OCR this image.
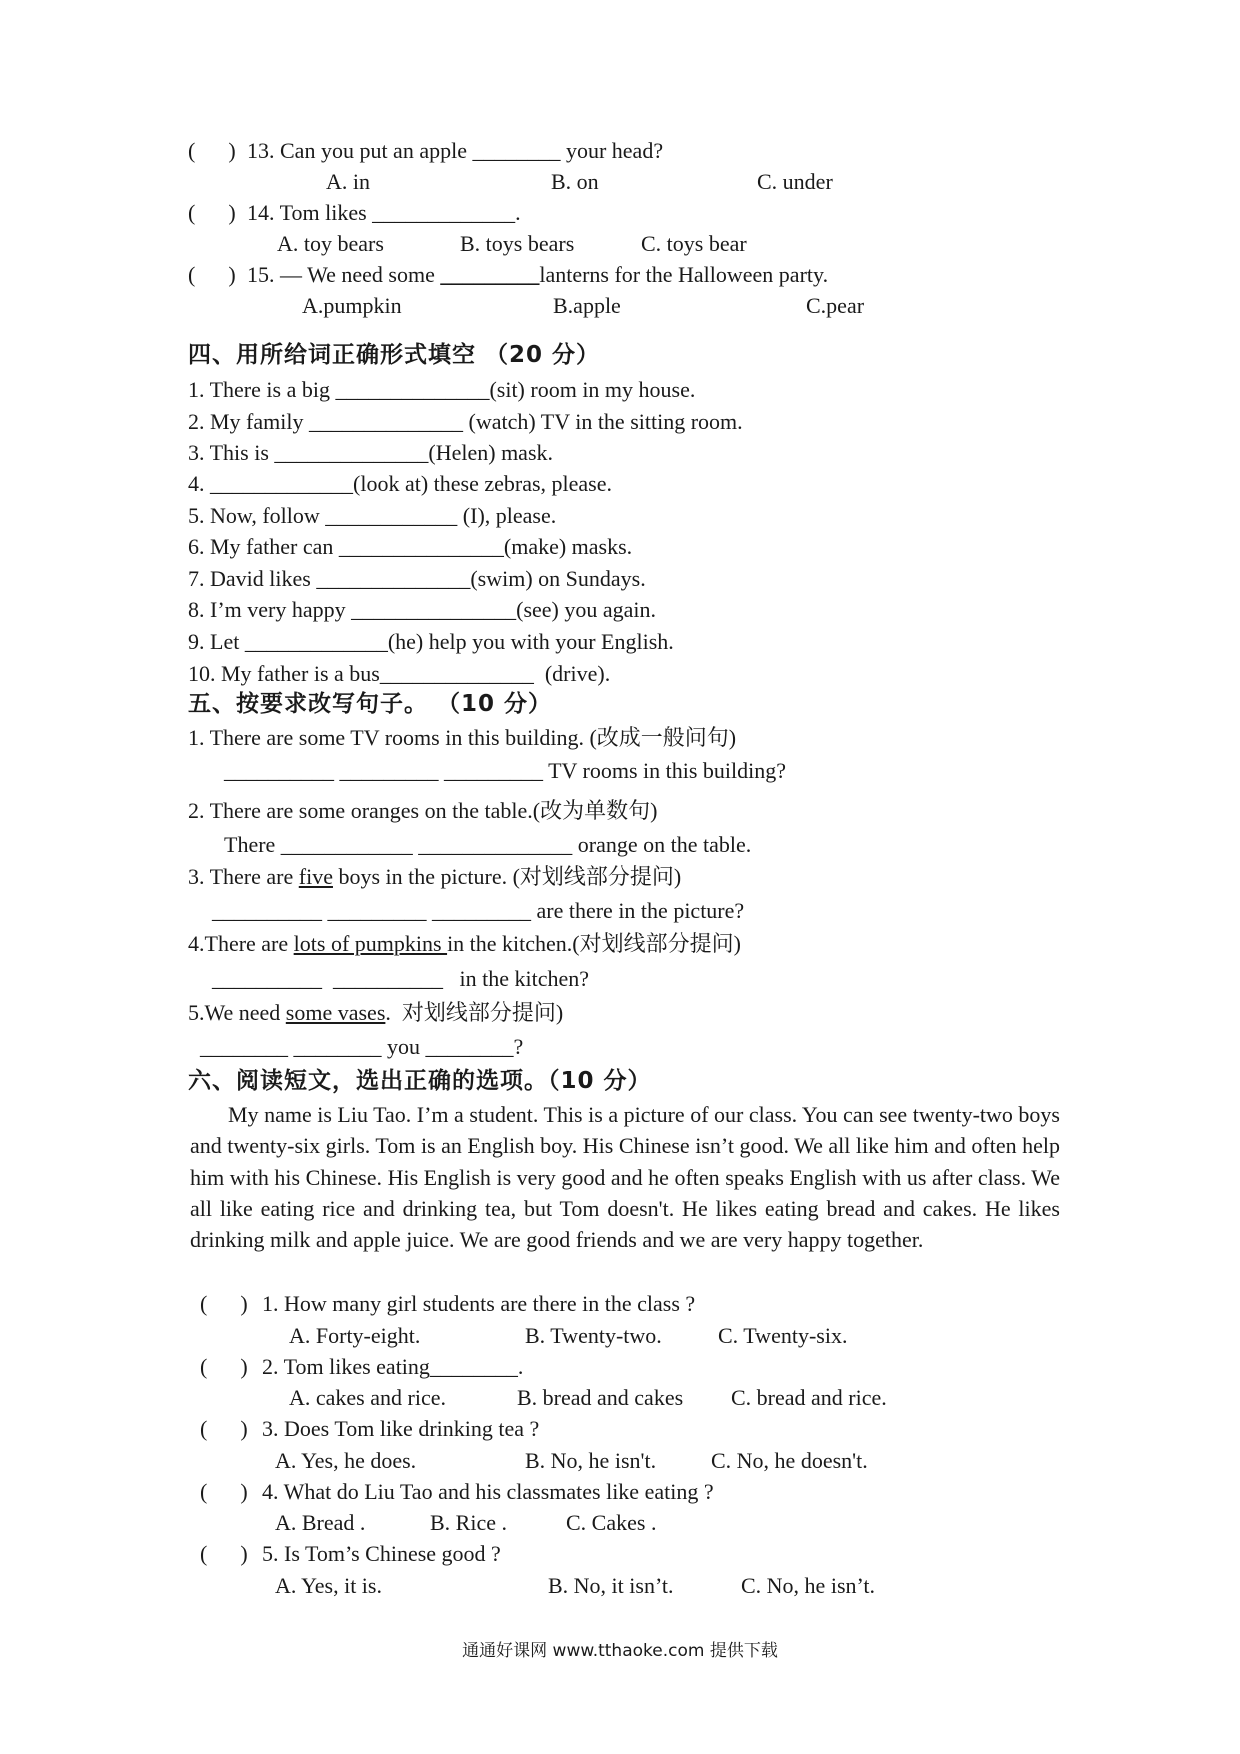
(      ) 13. Can you put an apple ________ your head?
A. in	B. on	C. under
(      ) 14. Tom likes _____________.
A. toy bears	B. toys bears	C. toys bear
(      ) 15. — We need some _________lanterns for the Halloween party.
A.pumpkin	B.apple	C.pear
四、用所给词正确形式填空 （20 分）
1. There is a big ______________(sit) room in my house.
2. My family ______________ (watch) TV in the sitting room.
3. This is ______________(Helen) mask.
4. _____________(look at) these zebras, please.
5. Now, follow ____________ (I), please.
6. My father can _______________(make) masks.
7. David likes ______________(swim) on Sundays.
8. I’m very happy _______________(see) you again.
9. Let _____________(he) help you with your English.
10. My father is a bus______________  (drive).
五、按要求改写句子。 （10 分）
1. There are some TV rooms in this building. (改成一般问句)
__________ _________ _________ TV rooms in this building?
2. There are some oranges on the table.(改为单数句)
There ____________ ______________ orange on the table.
3. There are five boys in the picture. (对划线部分提问)
__________ _________ _________ are there in the picture?
4.There are lots of pumpkins in the kitchen.(对划线部分提问)
__________  __________   in the kitchen?
5.We need some vases.  对划线部分提问)
________ ________ you ________?
六、阅读短文，选出正确的选项。（10 分）
My name is Liu Tao. I’m a student. This is a picture of our class. You can see twenty-two boys and twenty-six girls. Tom is an English boy. His Chinese isn’t good. We all like him and often help him with his Chinese. His English is very good and he often speaks English with us after class. We all like eating rice and drinking tea, but Tom doesn't. He likes eating bread and cakes. He likes drinking milk and apple juice. We are good friends and we are very happy together.
(      ) 1. How many girl students are there in the class ?
A. Forty-eight.	B. Twenty-two.	C. Twenty-six.
(      ) 2. Tom likes eating________.
A. cakes and rice.	B. bread and cakes C. bread and rice.
(      ) 3. Does Tom like drinking tea ?
A. Yes, he does.	B. No, he isn't. C. No, he doesn't.
(      ) 4. What do Liu Tao and his classmates like eating ?
A. Bread .	B. Rice .	C. Cakes .
(      ) 5. Is Tom’s Chinese good ?
A. Yes, it is.	B. No, it isn’t.	C. No, he isn’t.
通通好课网 www.tthaoke.com 提供下载
